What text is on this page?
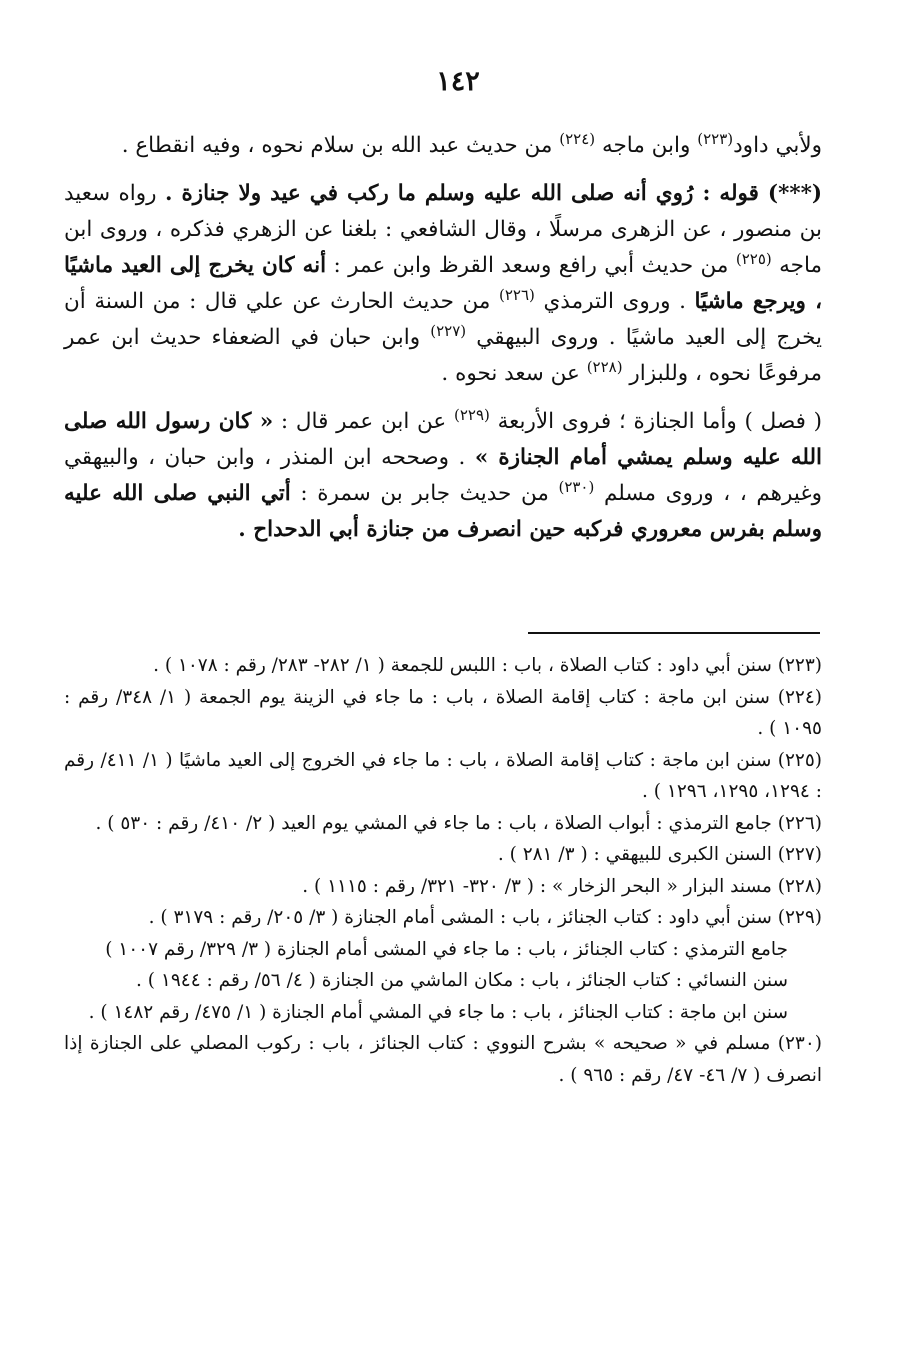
١٤٢

ولأبي داود$^{(٢٢٣)}$ وابن ماجه $^{(٢٢٤)}$ من حديث عبد الله بن سلام نحوه ، وفيه انقطاع .

(***) قوله : رُوي أنه صلى الله عليه وسلم ما ركب في عيد ولا جنازة . رواه سعيد بن منصور ، عن الزهرى مرسلًا ، وقال الشافعي : بلغنا عن الزهري فذكره ، وروى ابن ماجه $^{(٢٢٥)}$ من حديث أبي رافع وسعد القرظ وابن عمر : أنه كان يخرج إلى العيد ماشيًا ، ويرجع ماشيًا . وروى الترمذي $^{(٢٢٦)}$ من حديث الحارث عن علي قال : من السنة أن يخرج إلى العيد ماشيًا . وروى البيهقي $^{(٢٢٧)}$ وابن حبان في الضعفاء حديث ابن عمر مرفوعًا نحوه ، وللبزار $^{(٢٢٨)}$ عن سعد نحوه .

( فصل ) وأما الجنازة ؛ فروى الأربعة $^{(٢٢٩)}$ عن ابن عمر قال : « كان رسول الله صلى الله عليه وسلم يمشي أمام الجنازة » . وصححه ابن المنذر ، وابن حبان ، والبيهقي وغيرهم ، ، وروى مسلم $^{(٢٣٠)}$ من حديث جابر بن سمرة : أتي النبي صلى الله عليه وسلم بفرس معروري فركبه حين انصرف من جنازة أبي الدحداح .

(٢٢٣) سنن أبي داود : كتاب الصلاة ، باب : اللبس للجمعة ( ١/ ٢٨٢- ٢٨٣/ رقم : ١٠٧٨ ) .

(٢٢٤) سنن ابن ماجة : كتاب إقامة الصلاة ، باب : ما جاء في الزينة يوم الجمعة ( ١/ ٣٤٨/ رقم : ١٠٩٥ ) .

(٢٢٥) سنن ابن ماجة : كتاب إقامة الصلاة ، باب : ما جاء في الخروج إلى العيد ماشيًا ( ١/ ٤١١/ رقم : ١٢٩٤، ١٢٩٥، ١٢٩٦ ) .

(٢٢٦) جامع الترمذي : أبواب الصلاة ، باب : ما جاء في المشي يوم العيد ( ٢/ ٤١٠/ رقم : ٥٣٠ ) .

(٢٢٧) السنن الكبرى للبيهقي : ( ٣/ ٢٨١ ) .

(٢٢٨) مسند البزار « البحر الزخار » : ( ٣/ ٣٢٠- ٣٢١/ رقم : ١١١٥ ) .

(٢٢٩) سنن أبي داود : كتاب الجنائز ، باب : المشى أمام الجنازة ( ٣/ ٢٠٥/ رقم : ٣١٧٩ ) .

جامع الترمذي : كتاب الجنائز ، باب : ما جاء في المشى أمام الجنازة ( ٣/ ٣٢٩/ رقم ١٠٠٧ )

سنن النسائي : كتاب الجنائز ، باب : مكان الماشي من الجنازة ( ٤/ ٥٦/ رقم : ١٩٤٤ ) .

سنن ابن ماجة : كتاب الجنائز ، باب : ما جاء في المشي أمام الجنازة ( ١/ ٤٧٥/ رقم ١٤٨٢ ) .

(٢٣٠) مسلم في « صحيحه » بشرح النووي : كتاب الجنائز ، باب : ركوب المصلي على الجنازة إذا انصرف ( ٧/ ٤٦- ٤٧/ رقم : ٩٦٥ ) .
